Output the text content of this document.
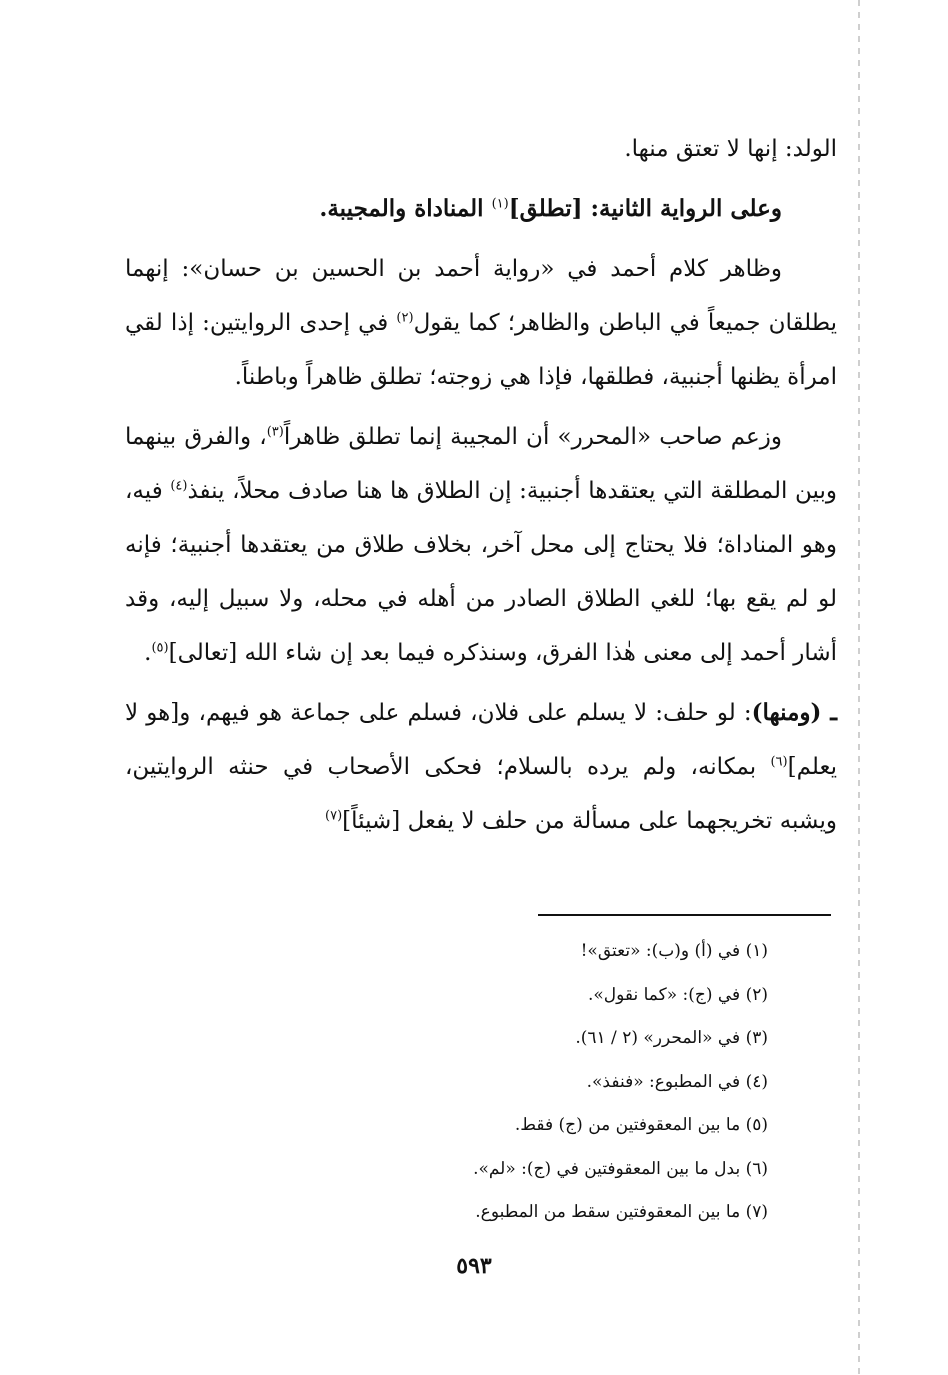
الولد: إنها لا تعتق منها.

وعلى الرواية الثانية: [تطلق]$^{(١)}$ المناداة والمجيبة.

وظاهر كلام أحمد في «رواية أحمد بن الحسين بن حسان»: إنهما يطلقان جميعاً في الباطن والظاهر؛ كما يقول$^{(٢)}$ في إحدى الروايتين: إذا لقي امرأة يظنها أجنبية، فطلقها، فإذا هي زوجته؛ تطلق ظاهراً وباطناً.

وزعم صاحب «المحرر» أن المجيبة إنما تطلق ظاهراً$^{(٣)}$، والفرق بينهما وبين المطلقة التي يعتقدها أجنبية: إن الطلاق ها هنا صادف محلاً، ينفذ$^{(٤)}$ فيه، وهو المناداة؛ فلا يحتاج إلى محل آخر، بخلاف طلاق من يعتقدها أجنبية؛ فإنه لو لم يقع بها؛ للغي الطلاق الصادر من أهله في محله، ولا سبيل إليه، وقد أشار أحمد إلى معنى هٰذا الفرق، وسنذكره فيما بعد إن شاء الله [تعالى]$^{(٥)}$.

ـ (ومنها): لو حلف: لا يسلم على فلان، فسلم على جماعة هو فيهم، و[هو لا يعلم]$^{(٦)}$ بمكانه، ولم يرده بالسلام؛ فحكى الأصحاب في حنثه الروايتين، ويشبه تخريجهما على مسألة من حلف لا يفعل [شيئاً]$^{(٧)}$

(١) في (أ) و(ب): «تعتق»!
(٢) في (ج): «كما نقول».
(٣) في «المحرر» (٢ / ٦١).
(٤) في المطبوع: «فنفذ».
(٥) ما بين المعقوفتين من (ج) فقط.
(٦) بدل ما بين المعقوفتين في (ج): «لم».
(٧) ما بين المعقوفتين سقط من المطبوع.
٥٩٣
